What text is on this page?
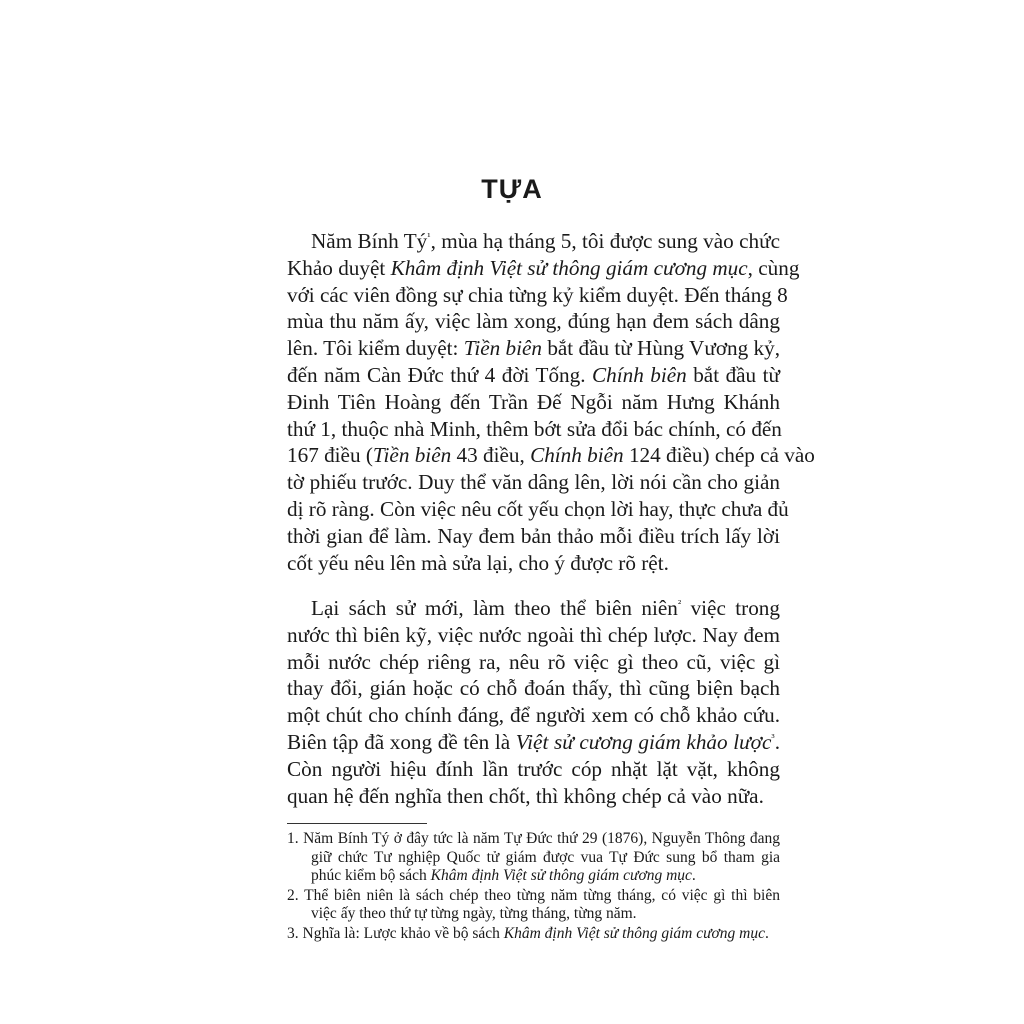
TỰA
Năm Bính $Tý^{^1}$, mùa hạ tháng 5, tôi được sung vào chức
Khảo duyệt Khâm định Việt sử thông giám cương mục, cùng
với các viên đồng sự chia từng kỷ kiểm duyệt. Đến tháng 8
mùa thu năm ấy, việc làm xong, đúng hạn đem sách dâng
lên. Tôi kiểm duyệt: Tiền biên bắt đầu từ Hùng Vương kỷ,
đến năm Càn Đức thứ 4 đời Tống. Chính biên bắt đầu từ
Đinh Tiên Hoàng đến Trần Đế Ngỗi năm Hưng Khánh
thứ 1, thuộc nhà Minh, thêm bớt sửa đổi bác chính, có đến
167 điều (Tiền biên 43 điều, Chính biên 124 điều) chép cả vào
tờ phiếu trước. Duy thể văn dâng lên, lời nói cần cho giản
dị rõ ràng. Còn việc nêu cốt yếu chọn lời hay, thực chưa đủ
thời gian để làm. Nay đem bản thảo mỗi điều trích lấy lời
cốt yếu nêu lên mà sửa lại, cho ý được rõ rệt.
Lại sách sử mới, làm theo thể biên niên$^{^2}$ việc trong
nước thì biên kỹ, việc nước ngoài thì chép lược. Nay đem
mỗi nước chép riêng ra, nêu rõ việc gì theo cũ, việc gì
thay đổi, gián hoặc có chỗ đoán thấy, thì cũng biện bạch
một chút cho chính đáng, để người xem có chỗ khảo cứu.
Biên tập đã xong đề tên là Việt sử cương giám khảo lược$^{^3}$.
Còn người hiệu đính lần trước cóp nhặt lặt vặt, không
quan hệ đến nghĩa then chốt, thì không chép cả vào nữa.
1. Năm Bính Tý ở đây tức là năm Tự Đức thứ 29 (1876), Nguyễn Thông đang
giữ chức Tư nghiệp Quốc tử giám được vua Tự Đức sung bổ tham gia
phúc kiểm bộ sách Khâm định Việt sử thông giám cương mục.
2. Thể biên niên là sách chép theo từng năm từng tháng, có việc gì thì biên
việc ấy theo thứ tự từng ngày, từng tháng, từng năm.
3. Nghĩa là: Lược khảo về bộ sách Khâm định Việt sử thông giám cương mục.
